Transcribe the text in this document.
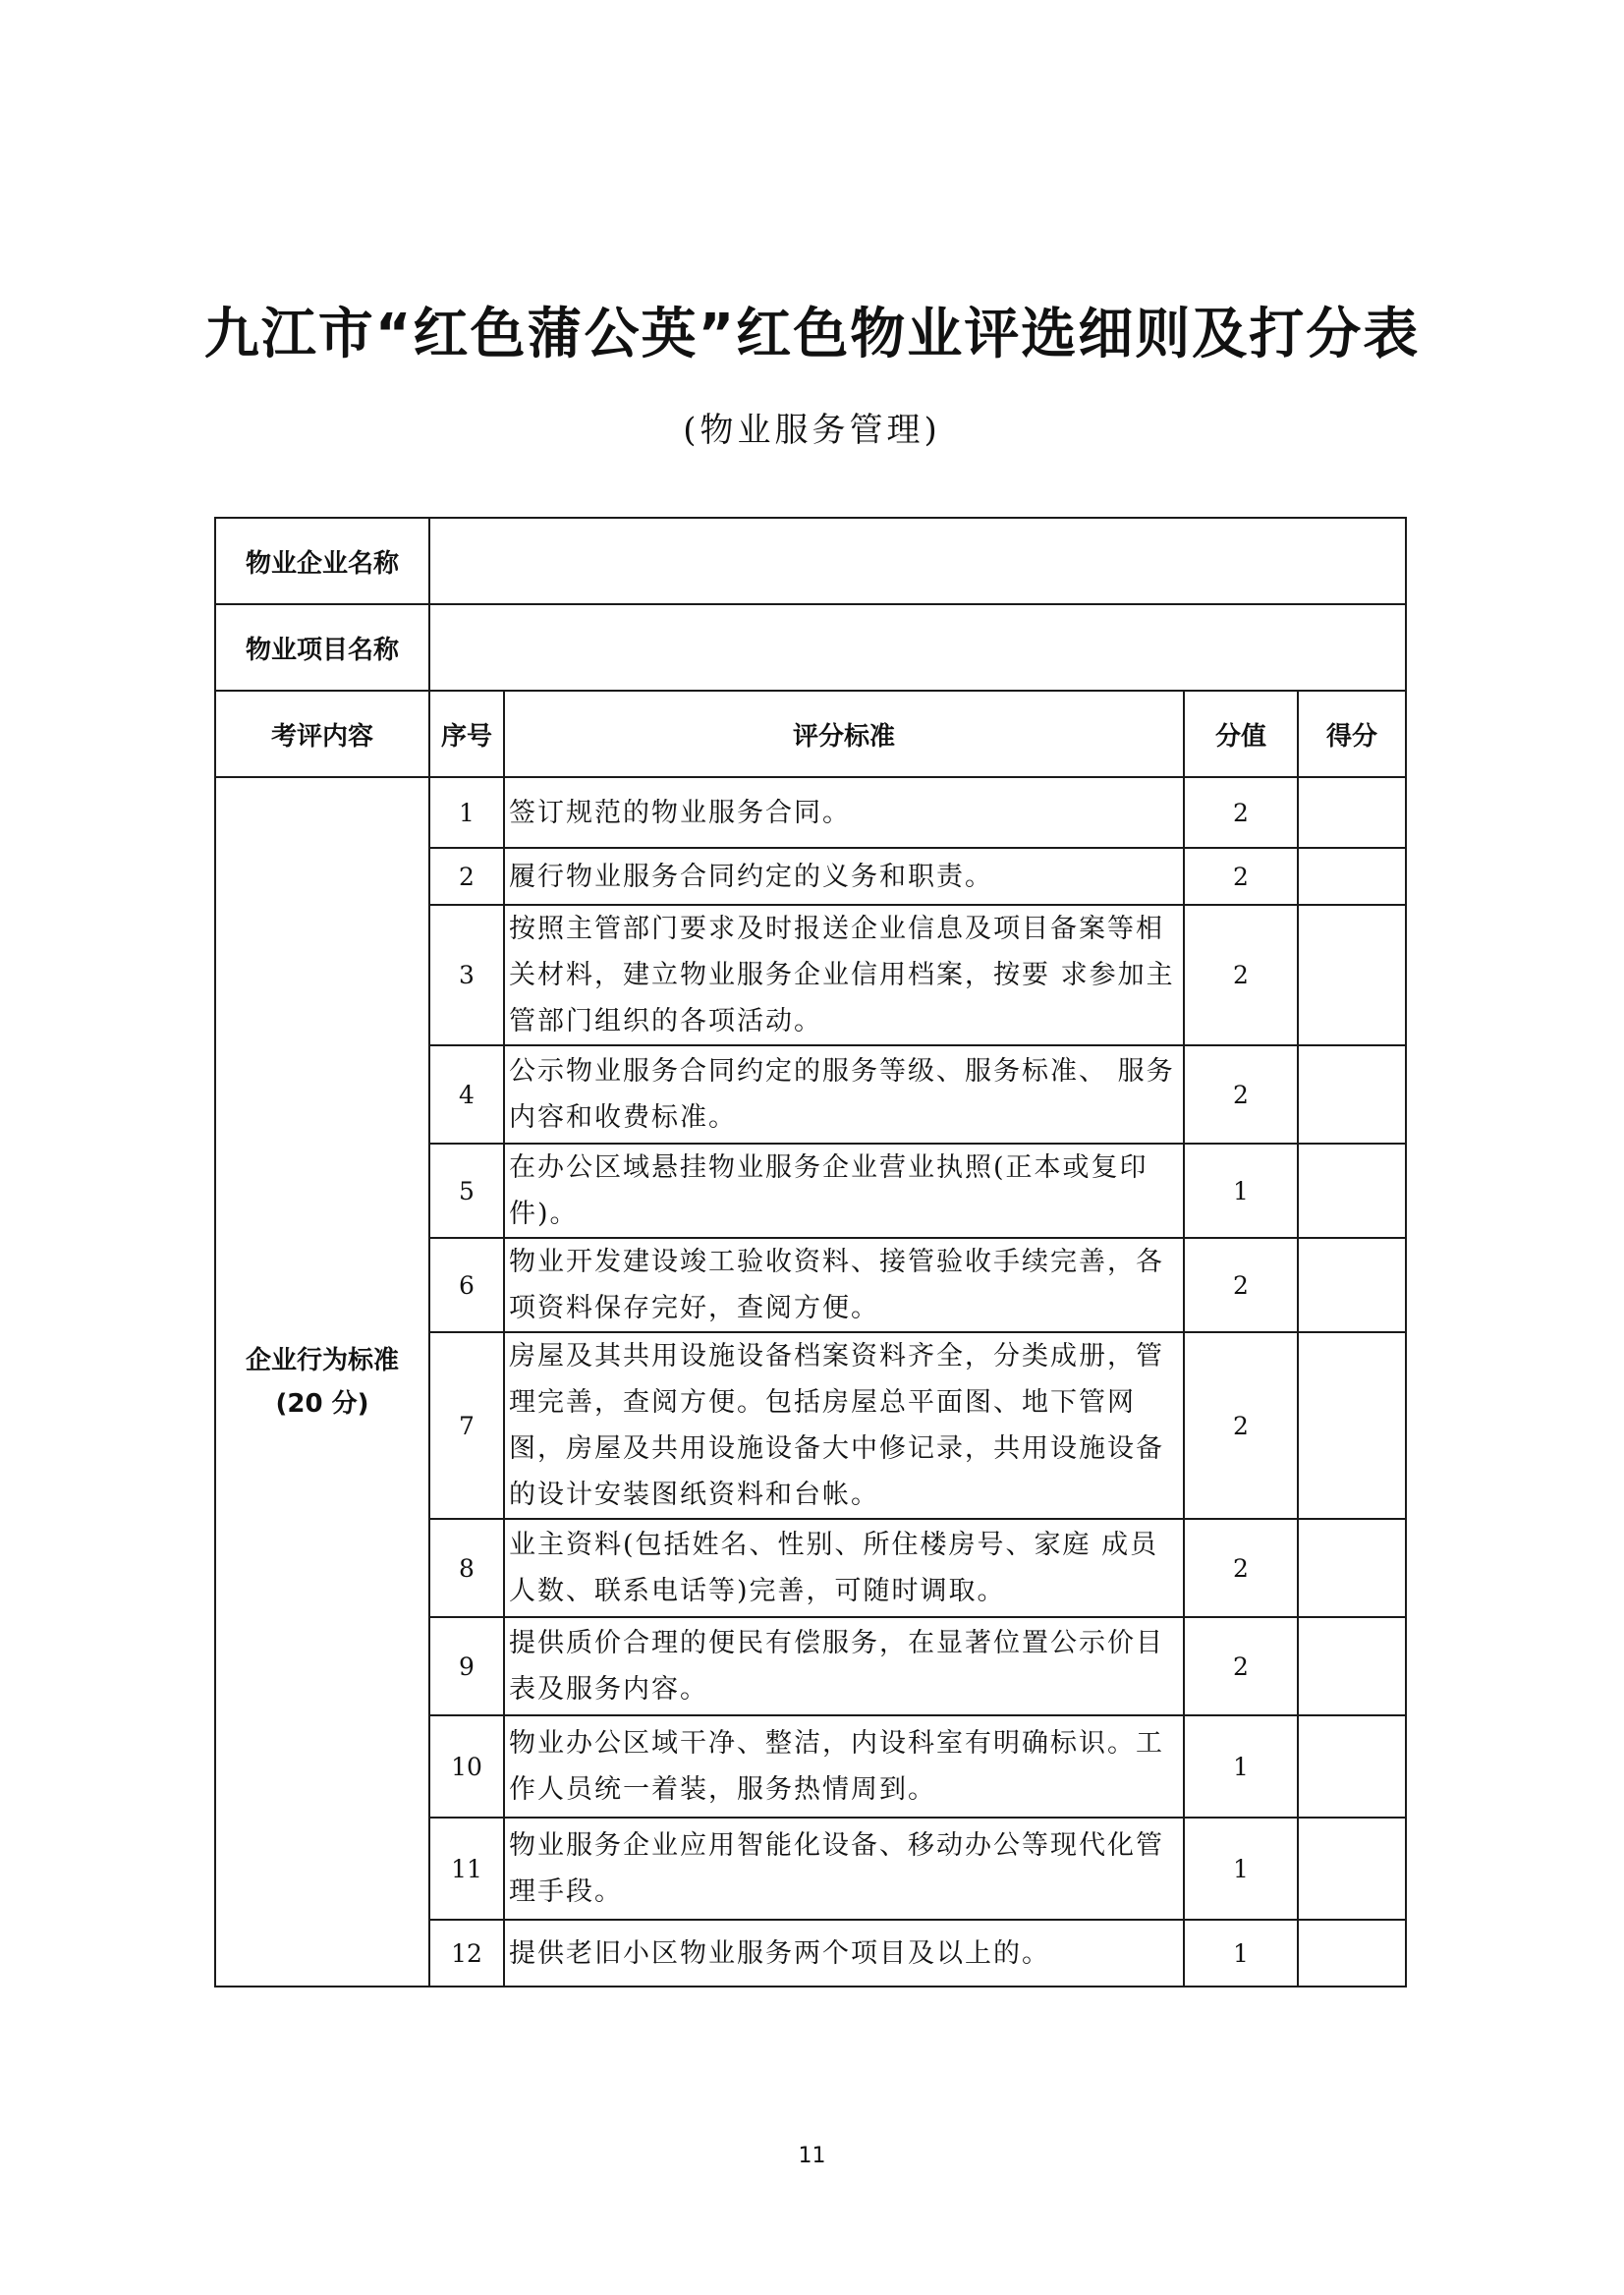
九江市“红色蒲公英”红色物业评选细则及打分表
(物业服务管理)
物业企业名称				
物业项目名称				
考评内容	序号	评分标准	分值	得分

企业行为标准
(20 分)	1	签订规范的物业服务合同。	2	
	2	履行物业服务合同约定的义务和职责。	2	
	3	按照主管部门要求及时报送企业信息及项目备案等相关材料，建立物业服务企业信用档案，按要 求参加主管部门组织的各项活动。	2	
	4	公示物业服务合同约定的服务等级、服务标准、 服务内容和收费标准。	2	
	5	在办公区域悬挂物业服务企业营业执照(正本或复印件)。	1	
	6	物业开发建设竣工验收资料、接管验收手续完善，各项资料保存完好，查阅方便。	2	
	7	房屋及其共用设施设备档案资料齐全，分类成册，管理完善，查阅方便。包括房屋总平面图、地下管网图，房屋及共用设施设备大中修记录，共用设施设备的设计安装图纸资料和台帐。	2	
	8	业主资料(包括姓名、性别、所住楼房号、家庭 成员人数、联系电话等)完善，可随时调取。	2	
	9	提供质价合理的便民有偿服务，在显著位置公示价目表及服务内容。	2	
	10	物业办公区域干净、整洁，内设科室有明确标识。工作人员统一着装，服务热情周到。	1	
	11	物业服务企业应用智能化设备、移动办公等现代化管理手段。	1	
	12	提供老旧小区物业服务两个项目及以上的。	1	
11
